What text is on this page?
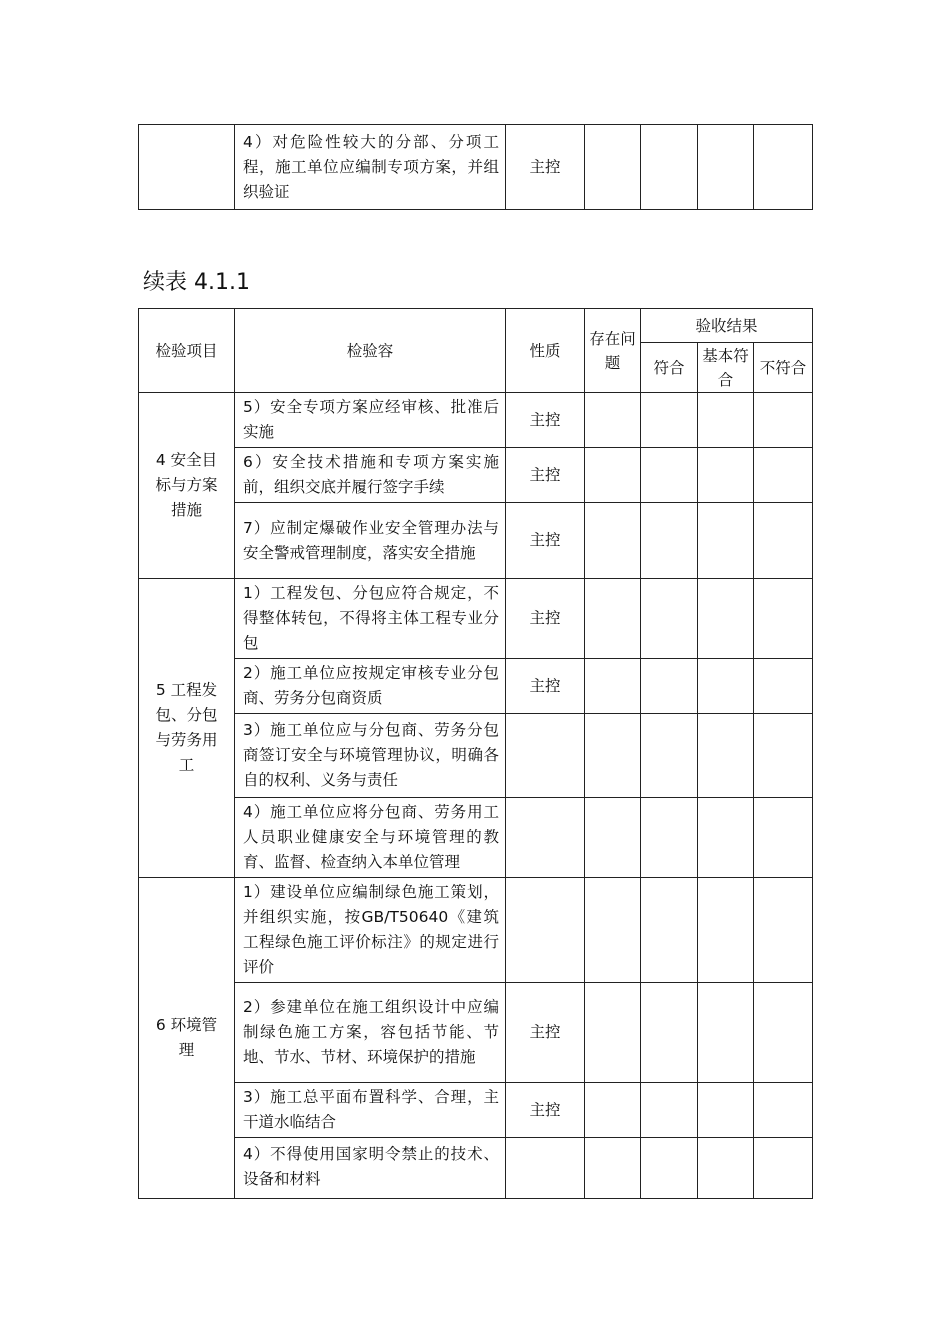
	4）对危险性较大的分部、分项工程，施工单位应编制专项方案，并组织验证	主控				
续表 4.1.1
检验项目	检验容	性质	存在问题	验收结果		
				符合	基本符合	不符合
4 安全目标与方案措施	5）安全专项方案应经审核、批准后实施	主控				
	6）安全技术措施和专项方案实施前，组织交底并履行签字手续	主控				
	7）应制定爆破作业安全管理办法与安全警戒管理制度，落实安全措施	主控				
5 工程发包、分包与劳务用工	1）工程发包、分包应符合规定，不得整体转包，不得将主体工程专业分包	主控				
	2）施工单位应按规定审核专业分包商、劳务分包商资质	主控				
	3）施工单位应与分包商、劳务分包商签订安全与环境管理协议，明确各自的权利、义务与责任					
	4）施工单位应将分包商、劳务用工人员职业健康安全与环境管理的教育、监督、检查纳入本单位管理					
6 环境管理	1）建设单位应编制绿色施工策划，并组织实施，按GB/T50640《建筑工程绿色施工评价标注》的规定进行评价					
	2）参建单位在施工组织设计中应编制绿色施工方案，容包括节能、节地、节水、节材、环境保护的措施	主控				
	3）施工总平面布置科学、合理，主干道水临结合	主控				
	4）不得使用国家明令禁止的技术、设备和材料					
